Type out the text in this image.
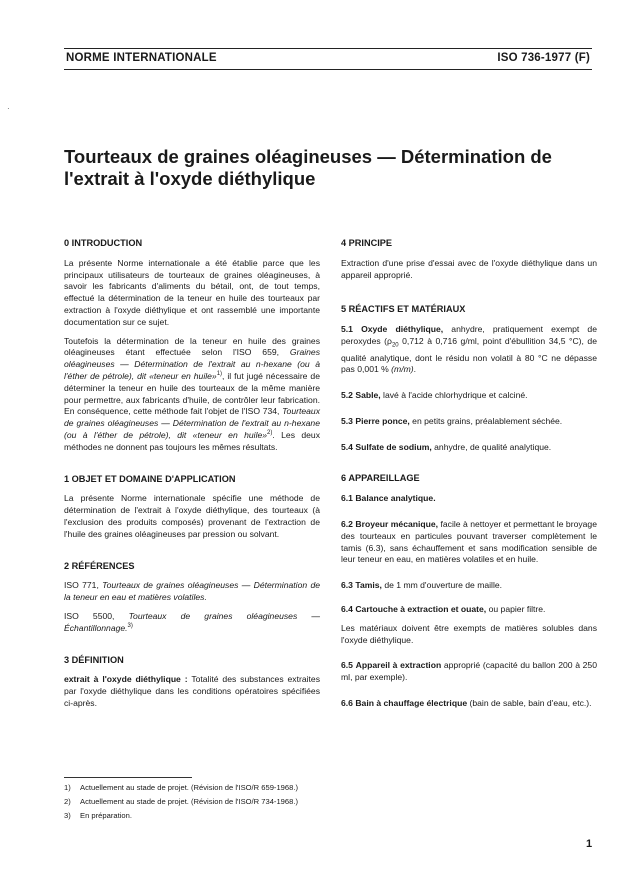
NORME INTERNATIONALE	ISO 736-1977 (F)
·
Tourteaux de graines oléagineuses — Détermination de l'extrait à l'oxyde diéthylique
0 INTRODUCTION
La présente Norme internationale a été établie parce que les principaux utilisateurs de tourteaux de graines oléagineuses, à savoir les fabricants d'aliments du bétail, ont, de tout temps, effectué la détermination de la teneur en huile des tourteaux par extraction à l'oxyde diéthylique et ont rassemblé une importante documentation sur ce sujet.
Toutefois la détermination de la teneur en huile des graines oléagineuses étant effectuée selon l'ISO 659, Graines oléagineuses — Détermination de l'extrait au n-hexane (ou à l'éther de pétrole), dit «teneur en huile»$^{1)}$, il fut jugé nécessaire de déterminer la teneur en huile des tourteaux de la même manière pour permettre, aux fabricants d'huile, de contrôler leur fabrication. En conséquence, cette méthode fait l'objet de l'ISO 734, Tourteaux de graines oléagineuses — Détermination de l'extrait au n-hexane (ou à l'éther de pétrole), dit «teneur en huile»$^{2)}$. Les deux méthodes ne donnent pas toujours les mêmes résultats.
1 OBJET ET DOMAINE D'APPLICATION
La présente Norme internationale spécifie une méthode de détermination de l'extrait à l'oxyde diéthylique, des tourteaux (à l'exclusion des produits composés) provenant de l'extraction de l'huile des graines oléagineuses par pression ou solvant.
2 RÉFÉRENCES
ISO 771, Tourteaux de graines oléagineuses — Détermination de la teneur en eau et matières volatiles.
ISO 5500, Tourteaux de graines oléagineuses — Échantillonnage.$^{3)}$
3 DÉFINITION
extrait à l'oxyde diéthylique : Totalité des substances extraites par l'oxyde diéthylique dans les conditions opératoires spécifiées ci-après.
4 PRINCIPE
Extraction d'une prise d'essai avec de l'oxyde diéthylique dans un appareil approprié.
5 RÉACTIFS ET MATÉRIAUX
5.1 Oxyde diéthylique, anhydre, pratiquement exempt de peroxydes ($\rho_{20}$ 0,712 à 0,716 g/ml, point d'ébullition 34,5 °C), de qualité analytique, dont le résidu non volatil à 80 °C ne dépasse pas 0,001 % (m/m).
5.2 Sable, lavé à l'acide chlorhydrique et calciné.
5.3 Pierre ponce, en petits grains, préalablement séchée.
5.4 Sulfate de sodium, anhydre, de qualité analytique.
6 APPAREILLAGE
6.1 Balance analytique.
6.2 Broyeur mécanique, facile à nettoyer et permettant le broyage des tourteaux en particules pouvant traverser complètement le tamis (6.3), sans échauffement et sans modification sensible de leur teneur en eau, en matières volatiles et en huile.
6.3 Tamis, de 1 mm d'ouverture de maille.
6.4 Cartouche à extraction et ouate, ou papier filtre.
Les matériaux doivent être exempts de matières solubles dans l'oxyde diéthylique.
6.5 Appareil à extraction approprié (capacité du ballon 200 à 250 ml, par exemple).
6.6 Bain à chauffage électrique (bain de sable, bain d'eau, etc.).
1) Actuellement au stade de projet. (Révision de l'ISO/R 659-1968.)
2) Actuellement au stade de projet. (Révision de l'ISO/R 734-1968.)
3) En préparation.
1
